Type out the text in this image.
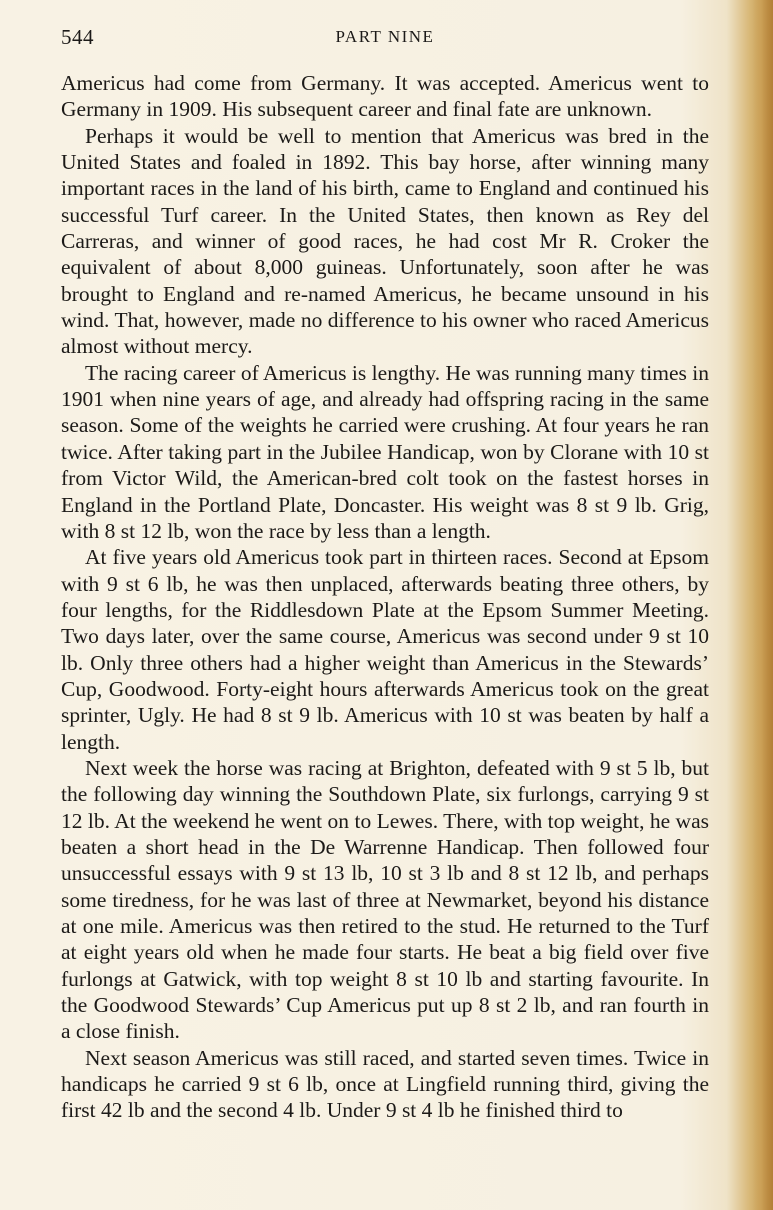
544	PART NINE

Americus had come from Germany. It was accepted. Americus went to Germany in 1909. His subsequent career and final fate are unknown.

Perhaps it would be well to mention that Americus was bred in the United States and foaled in 1892. This bay horse, after winning many important races in the land of his birth, came to England and continued his successful Turf career. In the United States, then known as Rey del Carreras, and winner of good races, he had cost Mr R. Croker the equivalent of about 8,000 guineas. Unfortunately, soon after he was brought to England and re-named Americus, he became unsound in his wind. That, however, made no difference to his owner who raced Americus almost without mercy.

The racing career of Americus is lengthy. He was running many times in 1901 when nine years of age, and already had offspring racing in the same season. Some of the weights he carried were crushing. At four years he ran twice. After taking part in the Jubilee Handicap, won by Clorane with 10 st from Victor Wild, the American-bred colt took on the fastest horses in England in the Portland Plate, Doncaster. His weight was 8 st 9 lb. Grig, with 8 st 12 lb, won the race by less than a length.

At five years old Americus took part in thirteen races. Second at Epsom with 9 st 6 lb, he was then unplaced, afterwards beating three others, by four lengths, for the Riddlesdown Plate at the Epsom Summer Meeting. Two days later, over the same course, Americus was second under 9 st 10 lb. Only three others had a higher weight than Americus in the Stewards’ Cup, Goodwood. Forty-eight hours afterwards Americus took on the great sprinter, Ugly. He had 8 st 9 lb. Americus with 10 st was beaten by half a length.

Next week the horse was racing at Brighton, defeated with 9 st 5 lb, but the following day winning the Southdown Plate, six furlongs, carrying 9 st 12 lb. At the weekend he went on to Lewes. There, with top weight, he was beaten a short head in the De Warrenne Handicap. Then followed four unsuccessful essays with 9 st 13 lb, 10 st 3 lb and 8 st 12 lb, and perhaps some tiredness, for he was last of three at Newmarket, beyond his distance at one mile. Americus was then retired to the stud. He returned to the Turf at eight years old when he made four starts. He beat a big field over five furlongs at Gatwick, with top weight 8 st 10 lb and starting favourite. In the Goodwood Stewards’ Cup Americus put up 8 st 2 lb, and ran fourth in a close finish.

Next season Americus was still raced, and started seven times. Twice in handicaps he carried 9 st 6 lb, once at Lingfield running third, giving the first 42 lb and the second 4 lb. Under 9 st 4 lb he finished third to
